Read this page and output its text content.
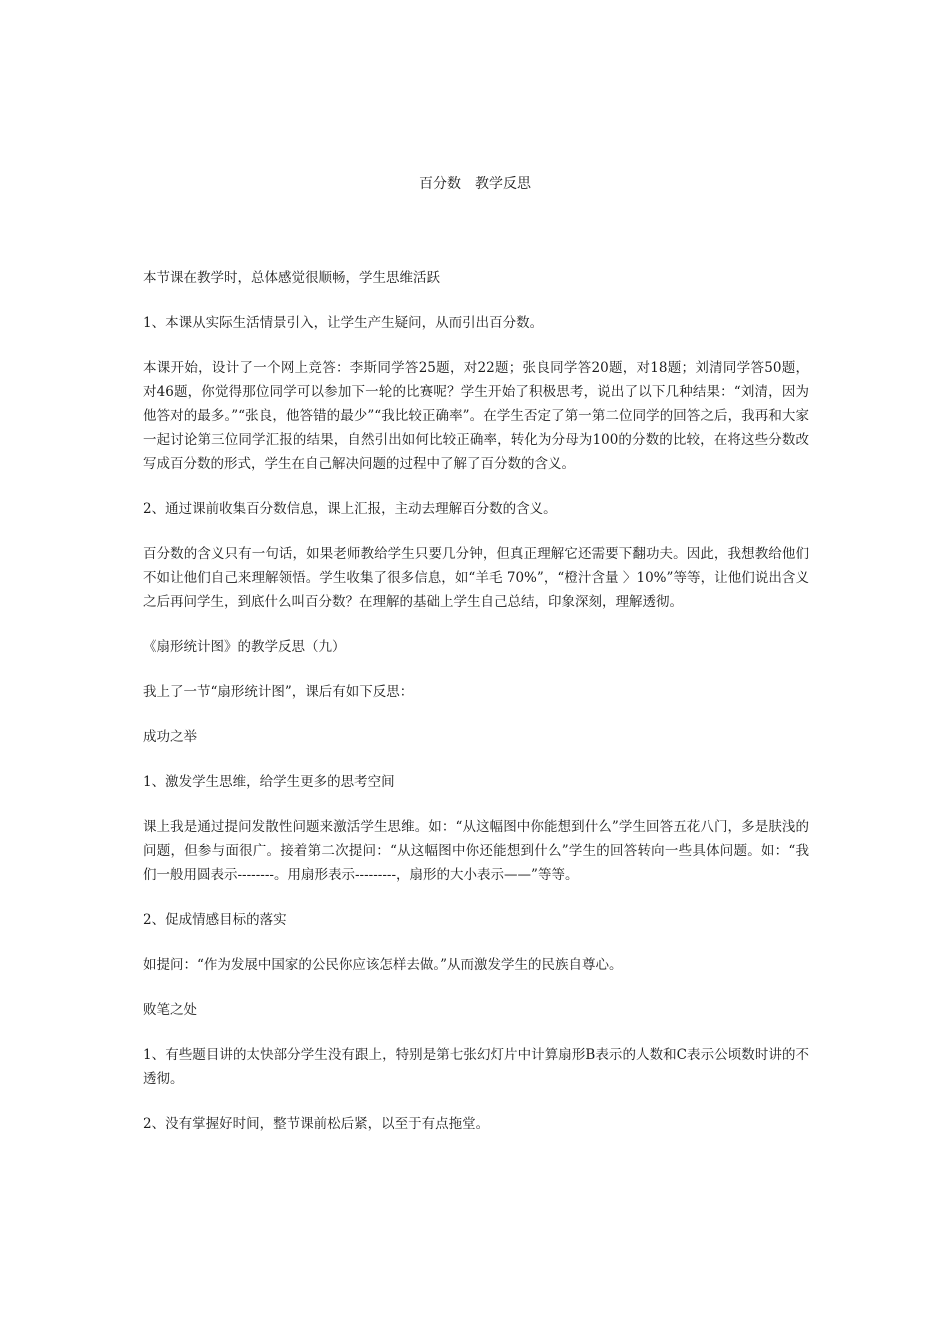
百分数　教学反思

本节课在教学时，总体感觉很顺畅，学生思维活跃

1、本课从实际生活情景引入，让学生产生疑问，从而引出百分数。

本课开始，设计了一个网上竞答：李斯同学答25题，对22题；张良同学答20题，对18题；刘清同学答50题，对46题，你觉得那位同学可以参加下一轮的比赛呢？学生开始了积极思考，说出了以下几种结果：“刘清，因为他答对的最多。”“张良，他答错的最少”“我比较正确率”。在学生否定了第一第二位同学的回答之后，我再和大家一起讨论第三位同学汇报的结果，自然引出如何比较正确率，转化为分母为100的分数的比较，在将这些分数改写成百分数的形式，学生在自己解决问题的过程中了解了百分数的含义。

2、通过课前收集百分数信息，课上汇报，主动去理解百分数的含义。

百分数的含义只有一句话，如果老师教给学生只要几分钟，但真正理解它还需要下翻功夫。因此，我想教给他们不如让他们自己来理解领悟。学生收集了很多信息，如“羊毛 70%”，“橙汁含量 〉10%”等等，让他们说出含义之后再问学生，到底什么叫百分数？在理解的基础上学生自己总结，印象深刻，理解透彻。

《扇形统计图》的教学反思（九）

我上了一节“扇形统计图”，课后有如下反思：

成功之举

1、激发学生思维，给学生更多的思考空间

课上我是通过提问发散性问题来激活学生思维。如：“从这幅图中你能想到什么”学生回答五花八门，多是肤浅的问题，但参与面很广。接着第二次提问：“从这幅图中你还能想到什么”学生的回答转向一些具体问题。如：“我们一般用圆表示--------。用扇形表示---------，扇形的大小表示——”等等。

2、促成情感目标的落实

如提问：“作为发展中国家的公民你应该怎样去做。”从而激发学生的民族自尊心。

败笔之处

1、有些题目讲的太快部分学生没有跟上，特别是第七张幻灯片中计算扇形B表示的人数和C表示公顷数时讲的不透彻。

2、没有掌握好时间，整节课前松后紧，以至于有点拖堂。
